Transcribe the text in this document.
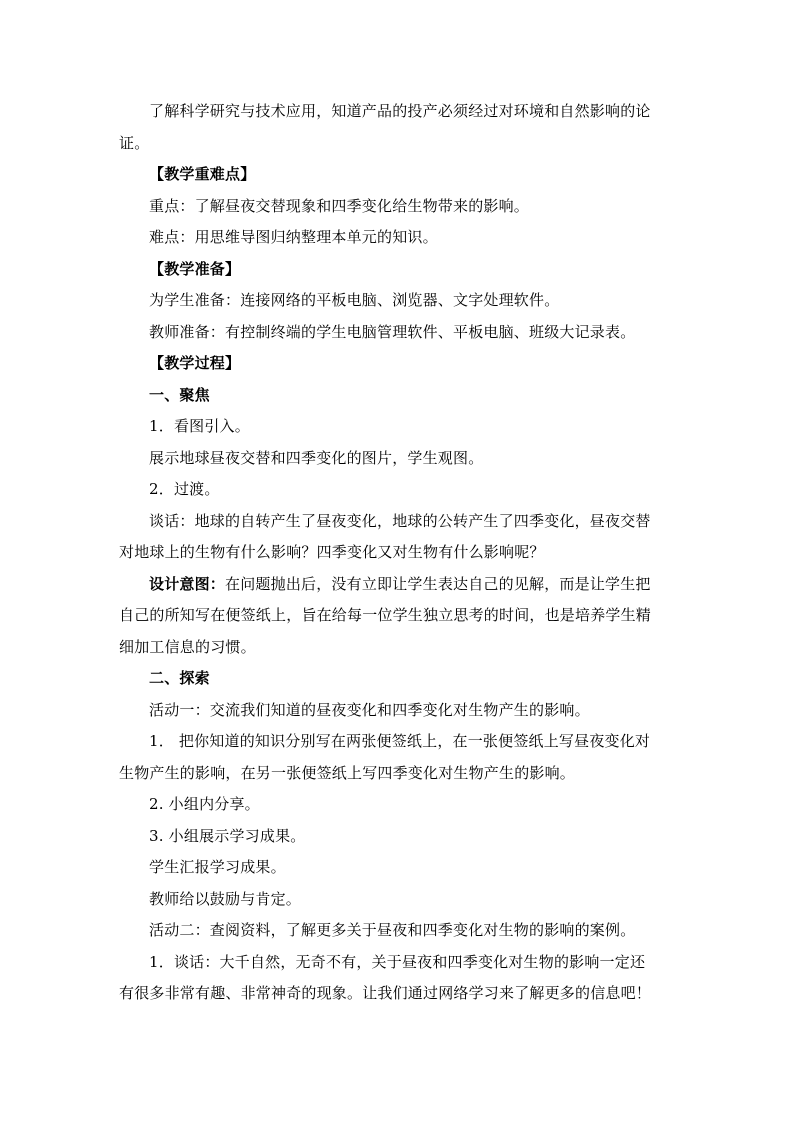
了解科学研究与技术应用，知道产品的投产必须经过对环境和自然影响的论
证。
【教学重难点】
重点：了解昼夜交替现象和四季变化给生物带来的影响。
难点：用思维导图归纳整理本单元的知识。
【教学准备】
为学生准备：连接网络的平板电脑、浏览器、文字处理软件。
教师准备：有控制终端的学生电脑管理软件、平板电脑、班级大记录表。
【教学过程】
一、聚焦
1．看图引入。
展示地球昼夜交替和四季变化的图片，学生观图。
2．过渡。
谈话：地球的自转产生了昼夜变化，地球的公转产生了四季变化，昼夜交替
对地球上的生物有什么影响？四季变化又对生物有什么影响呢？
设计意图：在问题抛出后，没有立即让学生表达自己的见解，而是让学生把
自己的所知写在便签纸上，旨在给每一位学生独立思考的时间，也是培养学生精
细加工信息的习惯。
二、探索
活动一：交流我们知道的昼夜变化和四季变化对生物产生的影响。
1． 把你知道的知识分别写在两张便签纸上，在一张便签纸上写昼夜变化对
生物产生的影响，在另一张便签纸上写四季变化对生物产生的影响。
2. 小组内分享。
3. 小组展示学习成果。
学生汇报学习成果。
教师给以鼓励与肯定。
活动二：查阅资料，了解更多关于昼夜和四季变化对生物的影响的案例。
1．谈话：大千自然，无奇不有，关于昼夜和四季变化对生物的影响一定还
有很多非常有趣、非常神奇的现象。让我们通过网络学习来了解更多的信息吧！
